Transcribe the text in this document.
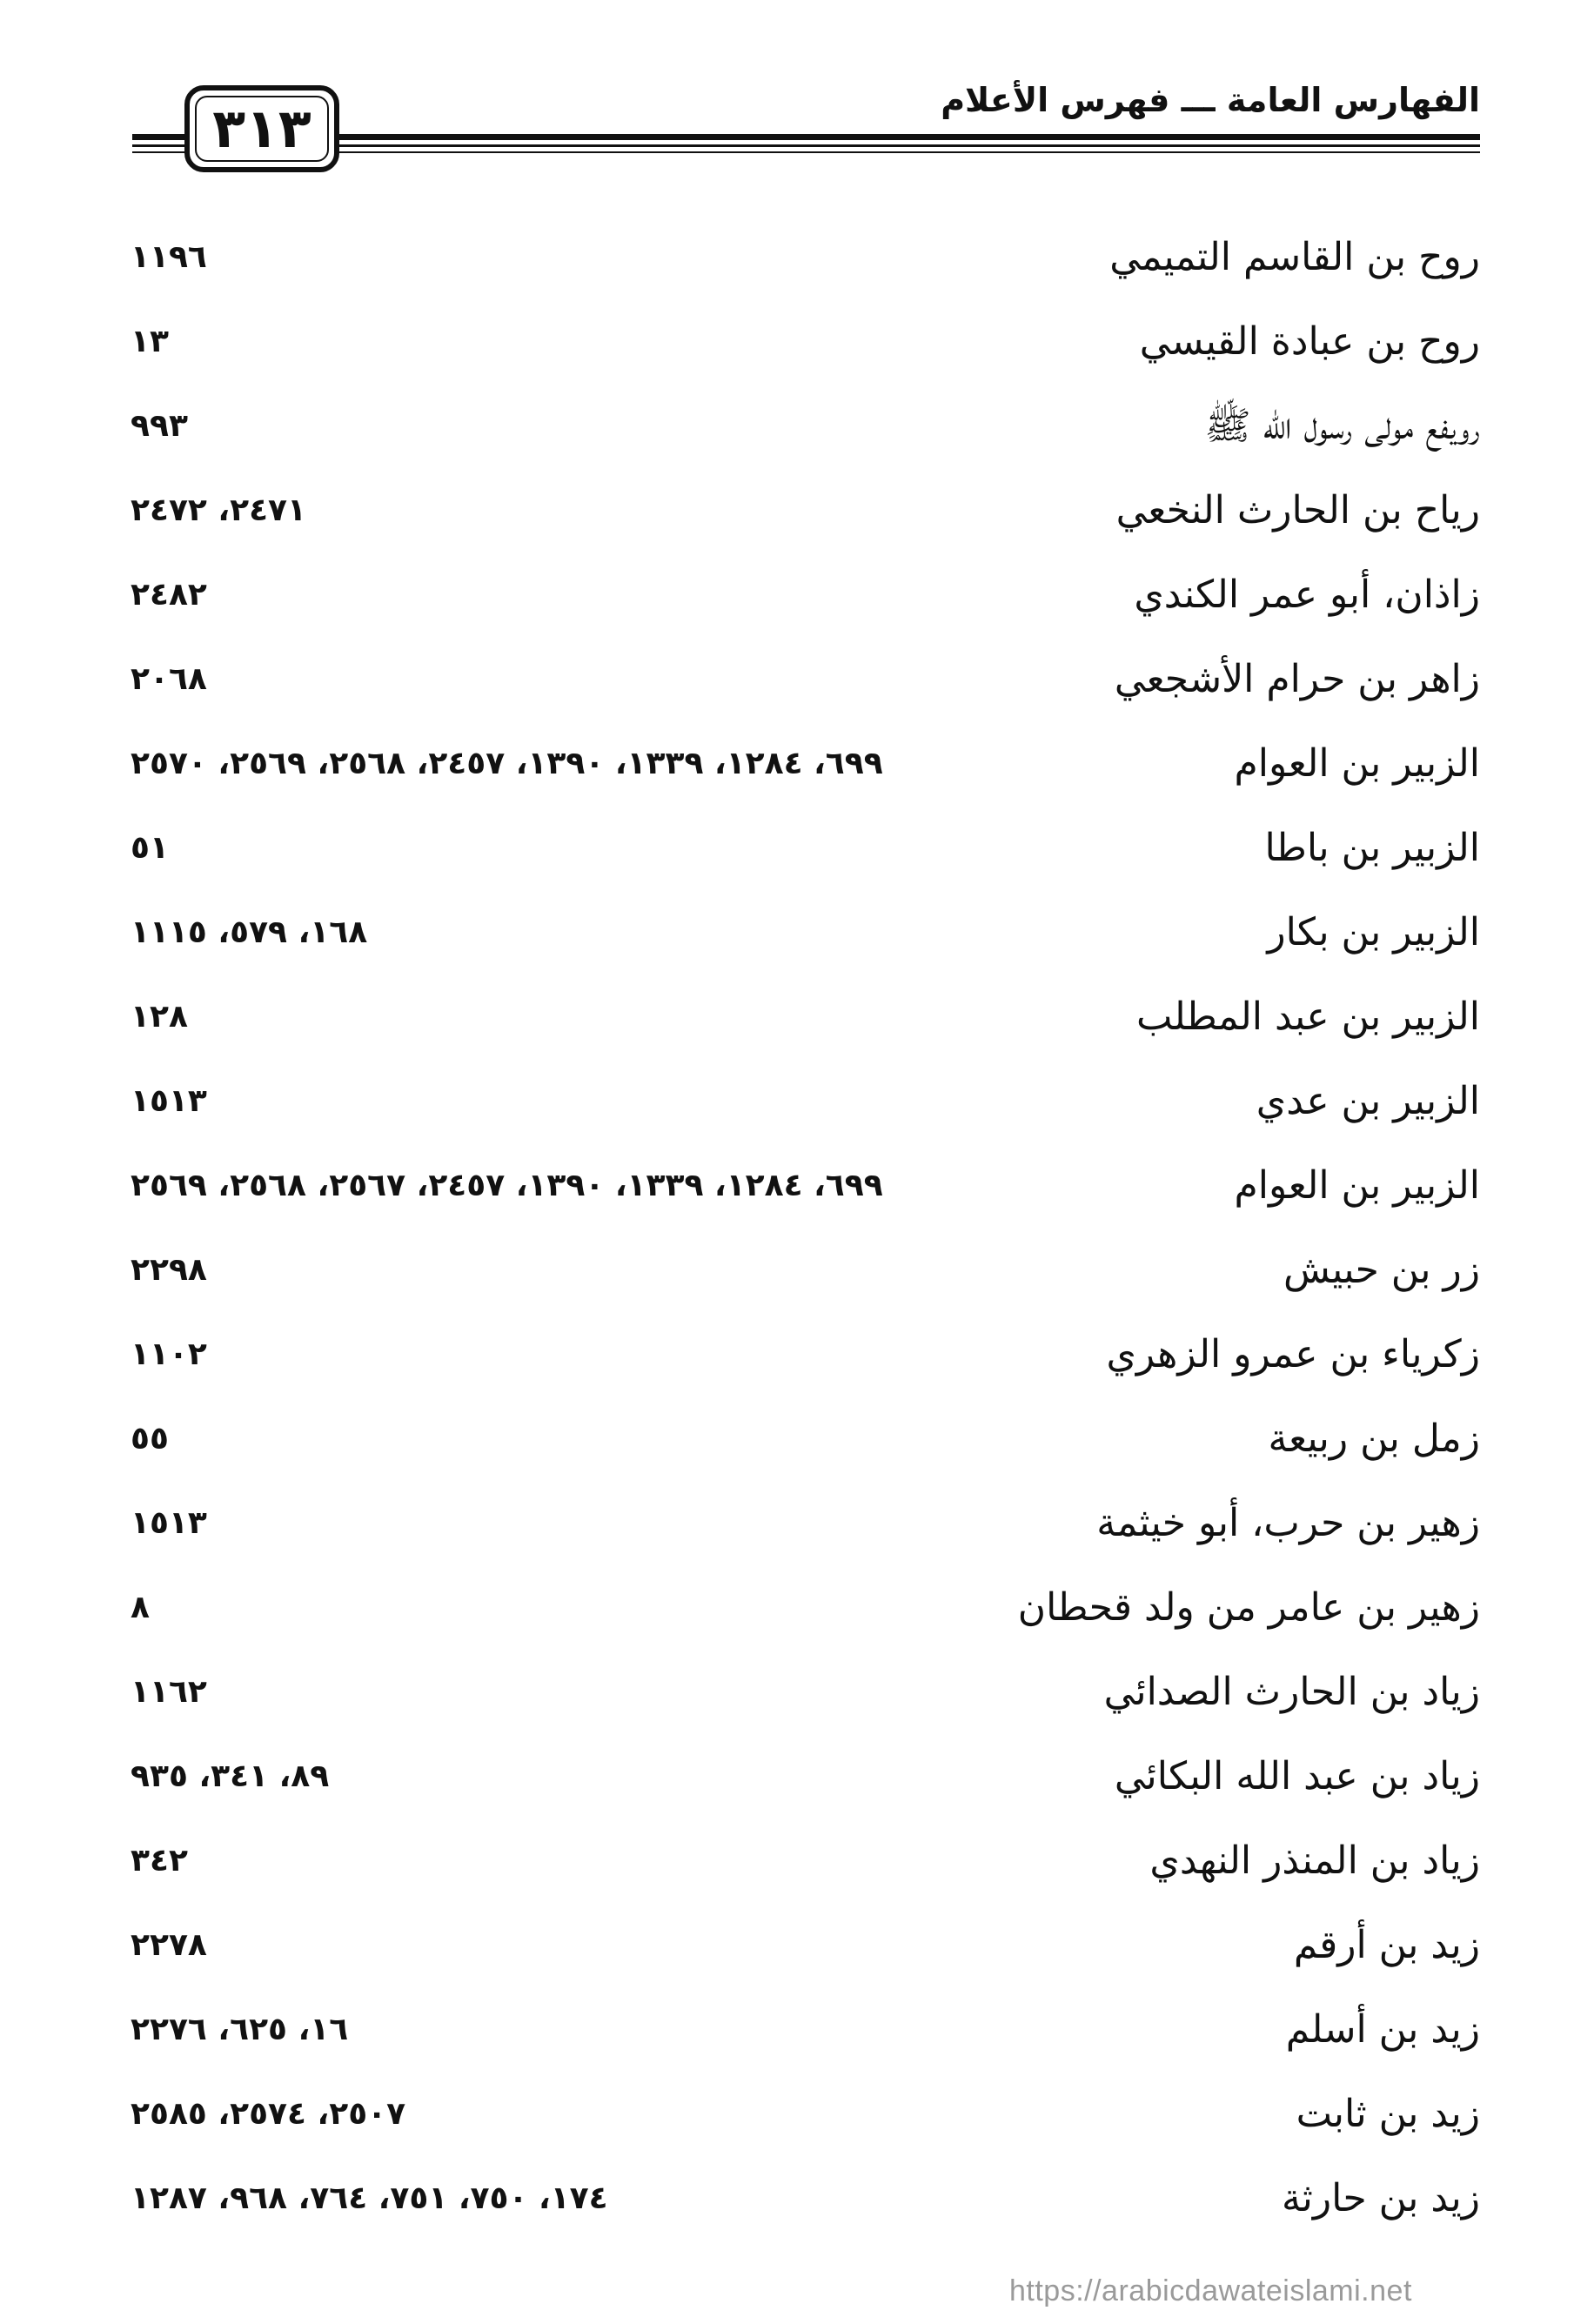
الفهارس العامة ـــ فهرس الأعلام
٣١٣
روح بن القاسم التميمي
١١٩٦
روح بن عبادة القيسي
١٣
رويفع مولى رسول الله ﷺ
٩٩٣
رياح بن الحارث النخعي
٢٤٧١، ٢٤٧٢
زاذان، أبو عمر الكندي
٢٤٨٢
زاهر بن حرام الأشجعي
٢٠٦٨
الزبير بن العوام
٦٩٩، ١٢٨٤، ١٣٣٩، ١٣٩٠، ٢٤٥٧، ٢٥٦٨، ٢٥٦٩، ٢٥٧٠
الزبير بن باطا
٥١
الزبير بن بكار
١٦٨، ٥٧٩، ١١١٥
الزبير بن عبد المطلب
١٢٨
الزبير بن عدي
١٥١٣
الزبير بن العوام
٦٩٩، ١٢٨٤، ١٣٣٩، ١٣٩٠، ٢٤٥٧، ٢٥٦٧، ٢٥٦٨، ٢٥٦٩
زر بن حبيش
٢٢٩٨
زكرياء بن عمرو الزهري
١١٠٢
زمل بن ربيعة
٥٥
زهير بن حرب، أبو خيثمة
١٥١٣
زهير بن عامر من ولد قحطان
٨
زياد بن الحارث الصدائي
١١٦٢
زياد بن عبد الله البكائي
٨٩، ٣٤١، ٩٣٥
زياد بن المنذر النهدي
٣٤٢
زيد بن أرقم
٢٢٧٨
زيد بن أسلم
١٦، ٦٢٥، ٢٢٧٦
زيد بن ثابت
٢٥٠٧، ٢٥٧٤، ٢٥٨٥
زيد بن حارثة
١٧٤، ٧٥٠، ٧٥١، ٧٦٤، ٩٦٨، ١٢٨٧
https://arabicdawateislami.net
